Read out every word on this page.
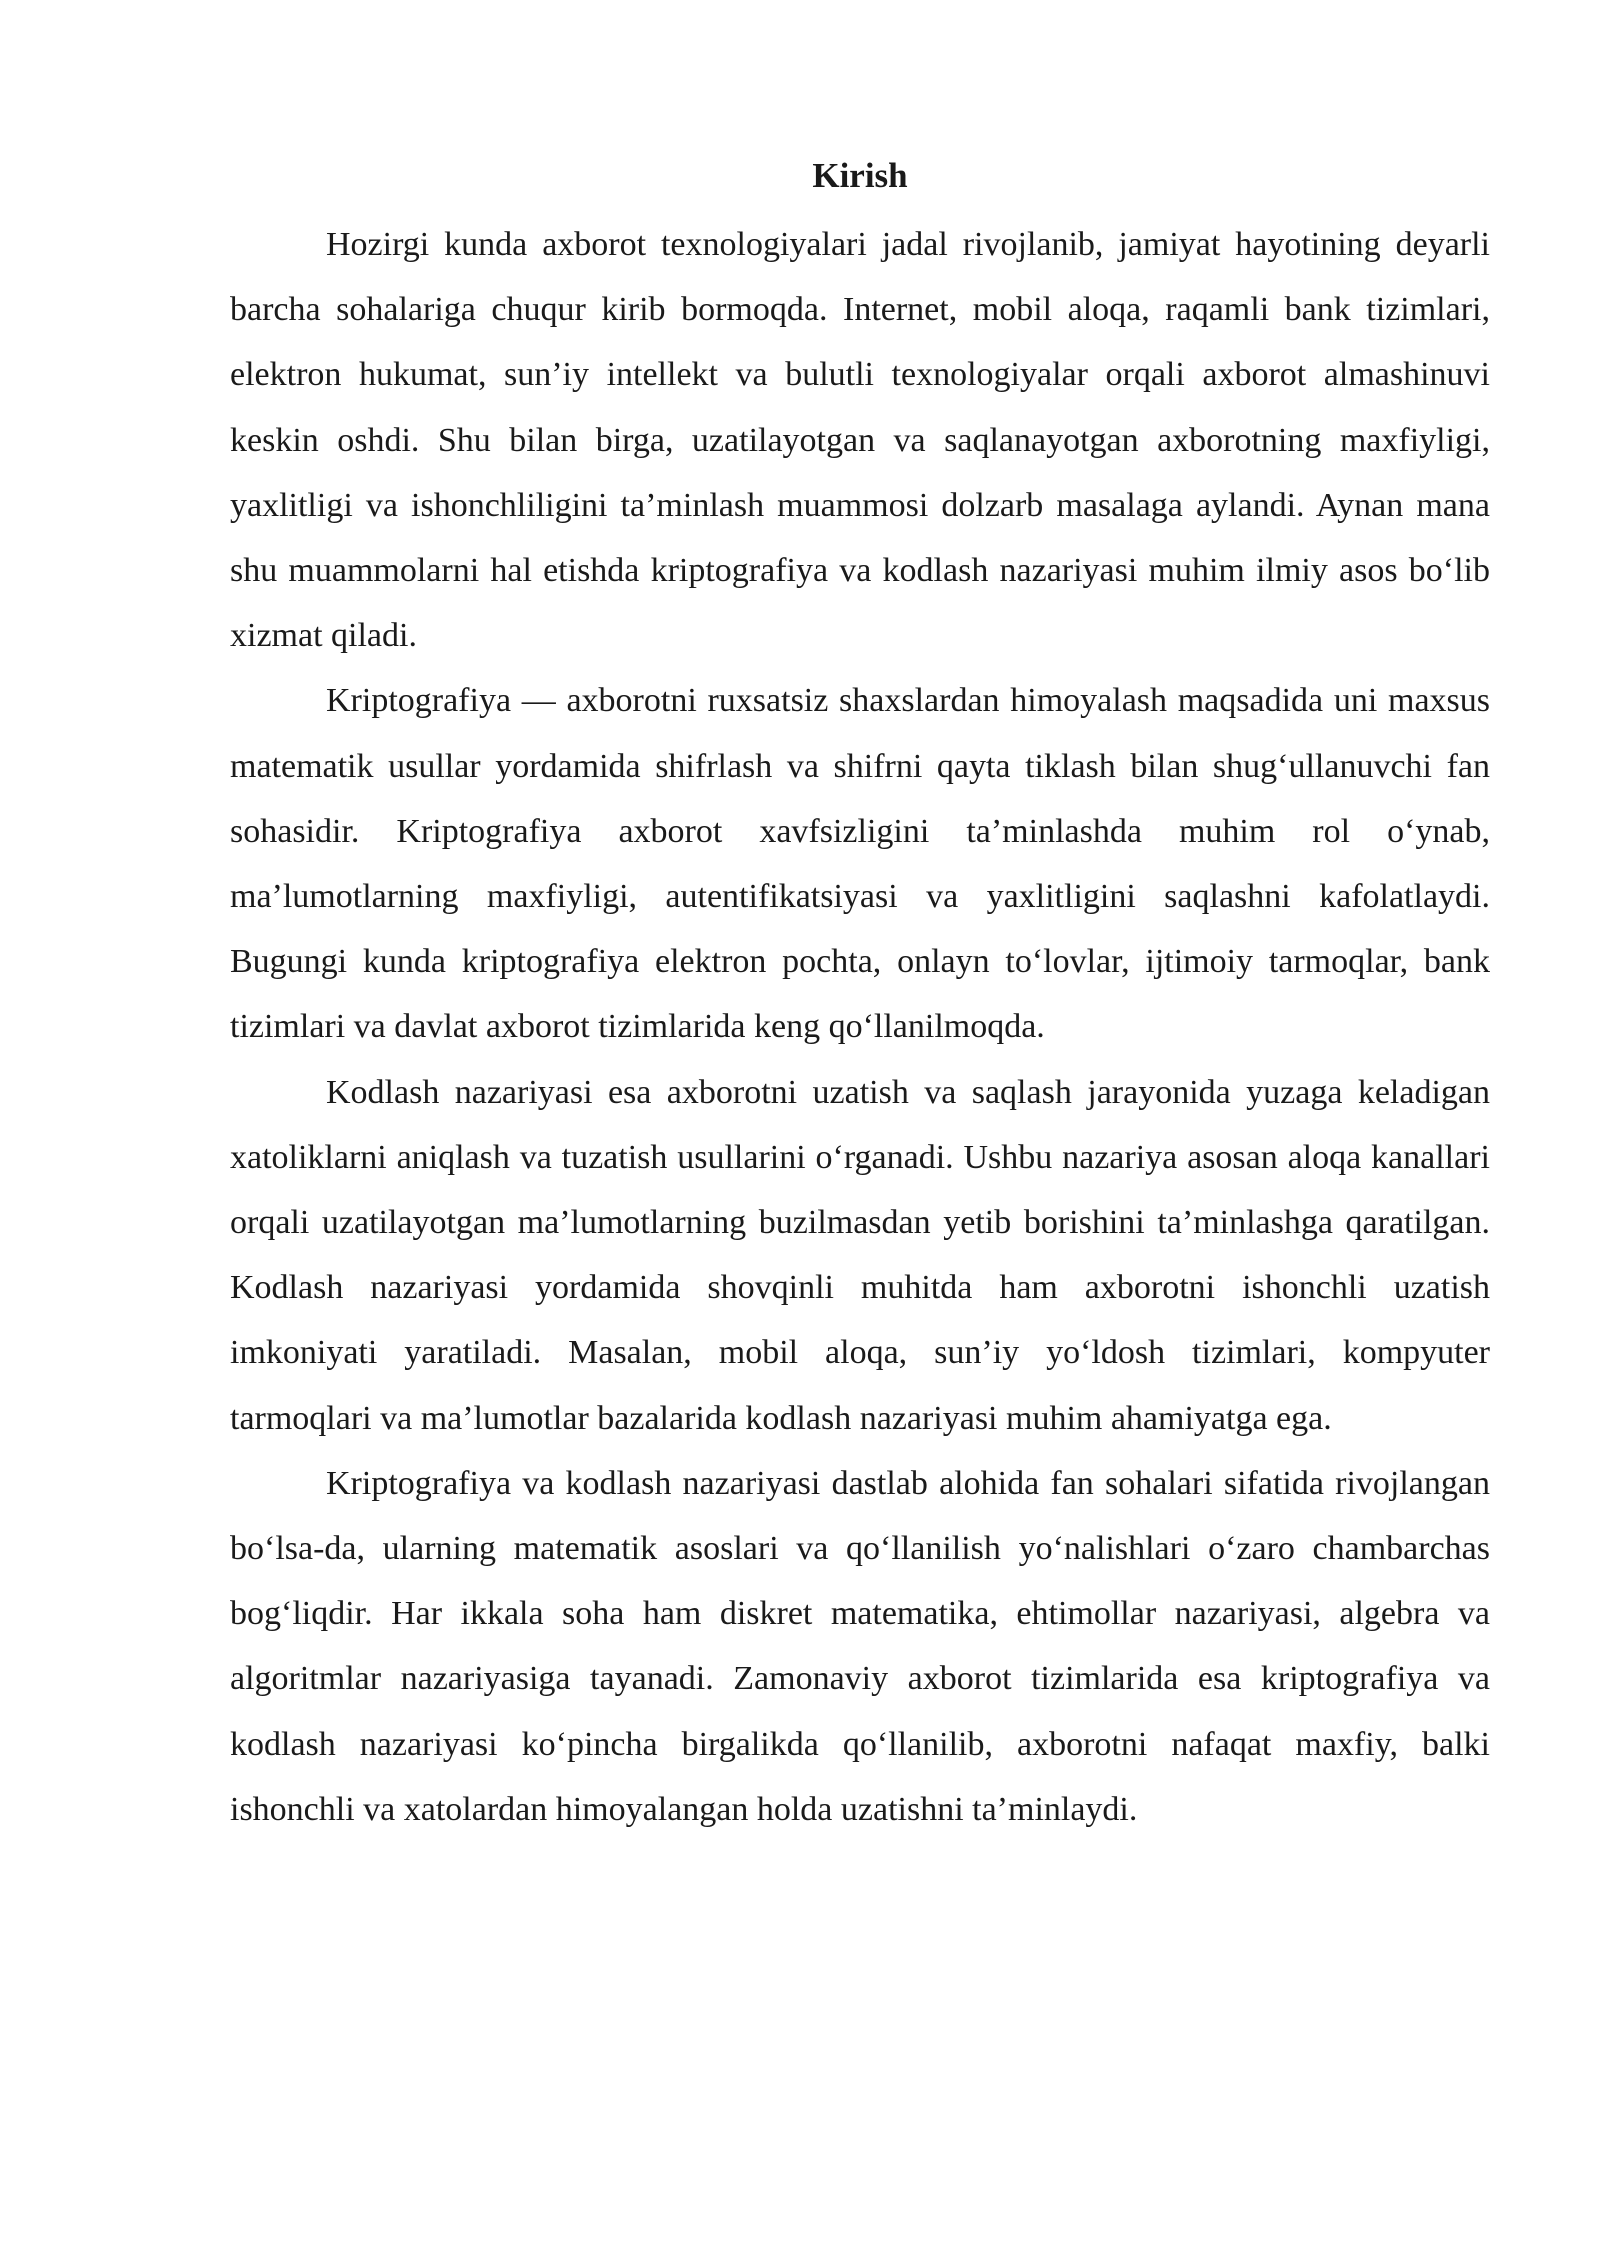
Kirish

Hozirgi kunda axborot texnologiyalari jadal rivojlanib, jamiyat hayotining deyarli barcha sohalariga chuqur kirib bormoqda. Internet, mobil aloqa, raqamli bank tizimlari, elektron hukumat, sun’iy intellekt va bulutli texnologiyalar orqali axborot almashinuvi keskin oshdi. Shu bilan birga, uzatilayotgan va saqlanayotgan axborotning maxfiyligi, yaxlitligi va ishonchliligini ta’minlash muammosi dolzarb masalaga aylandi. Aynan mana shu muammolarni hal etishda kriptografiya va kodlash nazariyasi muhim ilmiy asos bo‘lib xizmat qiladi.

Kriptografiya — axborotni ruxsatsiz shaxslardan himoyalash maqsadida uni maxsus matematik usullar yordamida shifrlash va shifrni qayta tiklash bilan shug‘ullanuvchi fan sohasidir. Kriptografiya axborot xavfsizligini ta’minlashda muhim rol o‘ynab, ma’lumotlarning maxfiyligi, autentifikatsiyasi va yaxlitligini saqlashni kafolatlaydi. Bugungi kunda kriptografiya elektron pochta, onlayn to‘lovlar, ijtimoiy tarmoqlar, bank tizimlari va davlat axborot tizimlarida keng qo‘llanilmoqda.

Kodlash nazariyasi esa axborotni uzatish va saqlash jarayonida yuzaga keladigan xatoliklarni aniqlash va tuzatish usullarini o‘rganadi. Ushbu nazariya asosan aloqa kanallari orqali uzatilayotgan ma’lumotlarning buzilmasdan yetib borishini ta’minlashga qaratilgan. Kodlash nazariyasi yordamida shovqinli muhitda ham axborotni ishonchli uzatish imkoniyati yaratiladi. Masalan, mobil aloqa, sun’iy yo‘ldosh tizimlari, kompyuter tarmoqlari va ma’lumotlar bazalarida kodlash nazariyasi muhim ahamiyatga ega.

Kriptografiya va kodlash nazariyasi dastlab alohida fan sohalari sifatida rivojlangan bo‘lsa-da, ularning matematik asoslari va qo‘llanilish yo‘nalishlari o‘zaro chambarchas bog‘liqdir. Har ikkala soha ham diskret matematika, ehtimollar nazariyasi, algebra va algoritmlar nazariyasiga tayanadi. Zamonaviy axborot tizimlarida esa kriptografiya va kodlash nazariyasi ko‘pincha birgalikda qo‘llanilib, axborotni nafaqat maxfiy, balki ishonchli va xatolardan himoyalangan holda uzatishni ta’minlaydi.
